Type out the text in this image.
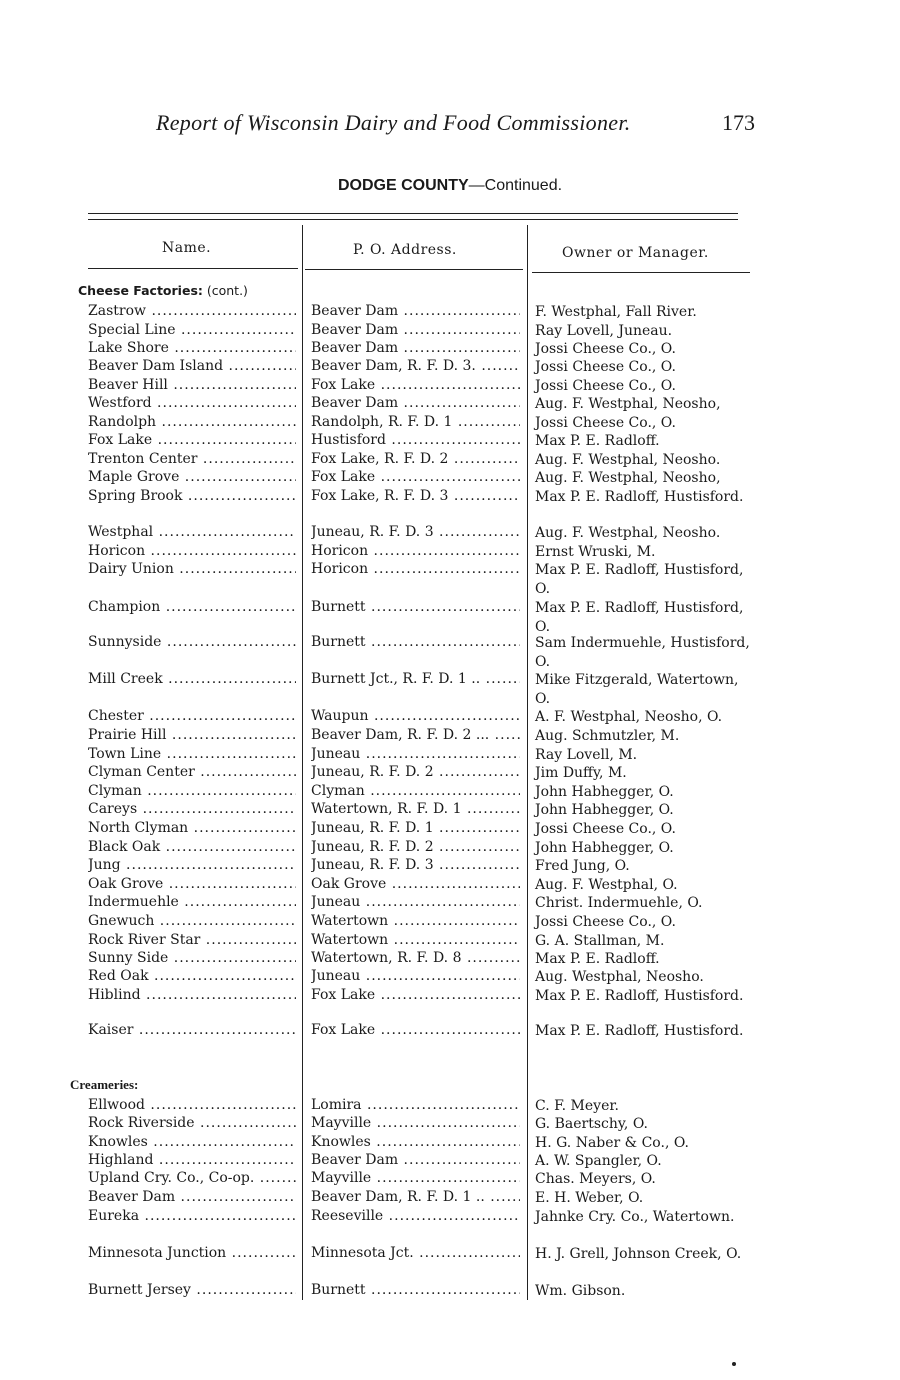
Report of Wisconsin Dairy and Food Commissioner.	173
DODGE COUNTY—Continued.
Name.	P. O. Address.	Owner or Manager.
Cheese Factories: (cont.)
Zastrow .....	Beaver Dam .....	F. Westphal, Fall River.
Special Line .....	Beaver Dam .....	Ray Lovell, Juneau.
Lake Shore .....	Beaver Dam .....	Jossi Cheese Co., O.
Beaver Dam Island .....	Beaver Dam, R. F. D. 3. .....	Jossi Cheese Co., O.
Beaver Hill .....	Fox Lake .....	Jossi Cheese Co., O.
Westford .....	Beaver Dam .....	Aug. F. Westphal, Neosho,
Randolph .....	Randolph, R. F. D. 1 .....	Jossi Cheese Co., O.
Fox Lake .....	Hustisford .....	Max P. E. Radloff.
Trenton Center .....	Fox Lake, R. F. D. 2 .....	Aug. F. Westphal, Neosho.
Maple Grove .....	Fox Lake .....	Aug. F. Westphal, Neosho,
Spring Brook .....	Fox Lake, R. F. D. 3 .....	Max P. E. Radloff, Hustisford.
Westphal .....	Juneau, R. F. D. 3 .....	Aug. F. Westphal, Neosho.
Horicon .....	Horicon .....	Ernst Wruski, M.
Dairy Union .....	Horicon .....	Max P. E. Radloff, Hustisford, O.
Champion .....	Burnett .....	Max P. E. Radloff, Hustisford, O.
Sunnyside .....	Burnett .....	Sam Indermuehle, Hustisford, O.
Mill Creek .....	Burnett Jct., R. F. D. 1 .. .....	Mike Fitzgerald, Watertown, O.
Chester .....	Waupun .....	A. F. Westphal, Neosho, O.
Prairie Hill .....	Beaver Dam, R. F. D. 2 ... .....	Aug. Schmutzler, M.
Town Line .....	Juneau .....	Ray Lovell, M.
Clyman Center .....	Juneau, R. F. D. 2 .....	Jim Duffy, M.
Clyman .....	Clyman .....	John Habhegger, O.
Careys .....	Watertown, R. F. D. 1 .....	John Habhegger, O.
North Clyman .....	Juneau, R. F. D. 1 .....	Jossi Cheese Co., O.
Black Oak .....	Juneau, R. F. D. 2 .....	John Habhegger, O.
Jung .....	Juneau, R. F. D. 3 .....	Fred Jung, O.
Oak Grove .....	Oak Grove .....	Aug. F. Westphal, O.
Indermuehle .....	Juneau .....	Christ. Indermuehle, O.
Gnewuch .....	Watertown .....	Jossi Cheese Co., O.
Rock River Star .....	Watertown .....	G. A. Stallman, M.
Sunny Side .....	Watertown, R. F. D. 8 .....	Max P. E. Radloff.
Red Oak .....	Juneau .....	Aug. Westphal, Neosho.
Hiblind .....	Fox Lake .....	Max P. E. Radloff, Hustisford.
Kaiser .....	Fox Lake .....	Max P. E. Radloff, Hustisford.
Creameries:
Ellwood .....	Lomira .....	C. F. Meyer.
Rock Riverside .....	Mayville .....	G. Baertschy, O.
Knowles .....	Knowles .....	H. G. Naber & Co., O.
Highland .....	Beaver Dam .....	A. W. Spangler, O.
Upland Cry. Co., Co-op. .....	Mayville .....	Chas. Meyers, O.
Beaver Dam .....	Beaver Dam, R. F. D. 1 .. .....	E. H. Weber, O.
Eureka .....	Reeseville .....	Jahnke Cry. Co., Watertown.
Minnesota Junction .....	Minnesota Jct. .....	H. J. Grell, Johnson Creek, O.
Burnett Jersey .....	Burnett .....	Wm. Gibson.
